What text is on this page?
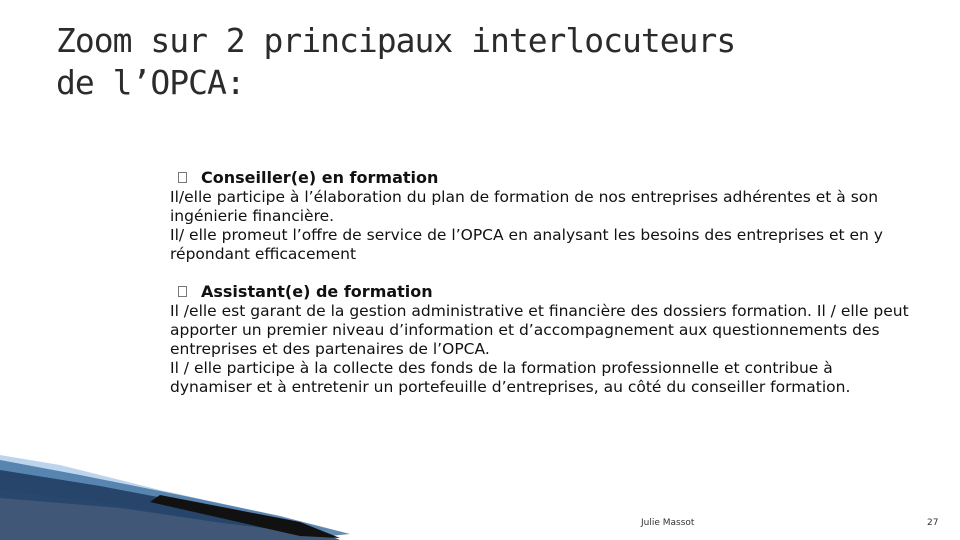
Zoom sur 2 principaux interlocuteurs
de l’OPCA:
Conseiller(e) en formation

Il/elle participe à l’élaboration du plan de formation de nos entreprises adhérentes et à son ingénierie financière.

Il/ elle promeut l’offre de service de l’OPCA en analysant les besoins des entreprises et en y répondant efficacement

Assistant(e) de formation

Il /elle est garant de la gestion administrative et financière des dossiers formation. Il / elle peut apporter un premier niveau d’information et d’accompagnement aux questionnements des entreprises et des partenaires de l’OPCA.

Il / elle participe à la collecte des fonds de la formation professionnelle et contribue à dynamiser et à entretenir un portefeuille d’entreprises, au côté du conseiller formation.

Julie Massot	27
